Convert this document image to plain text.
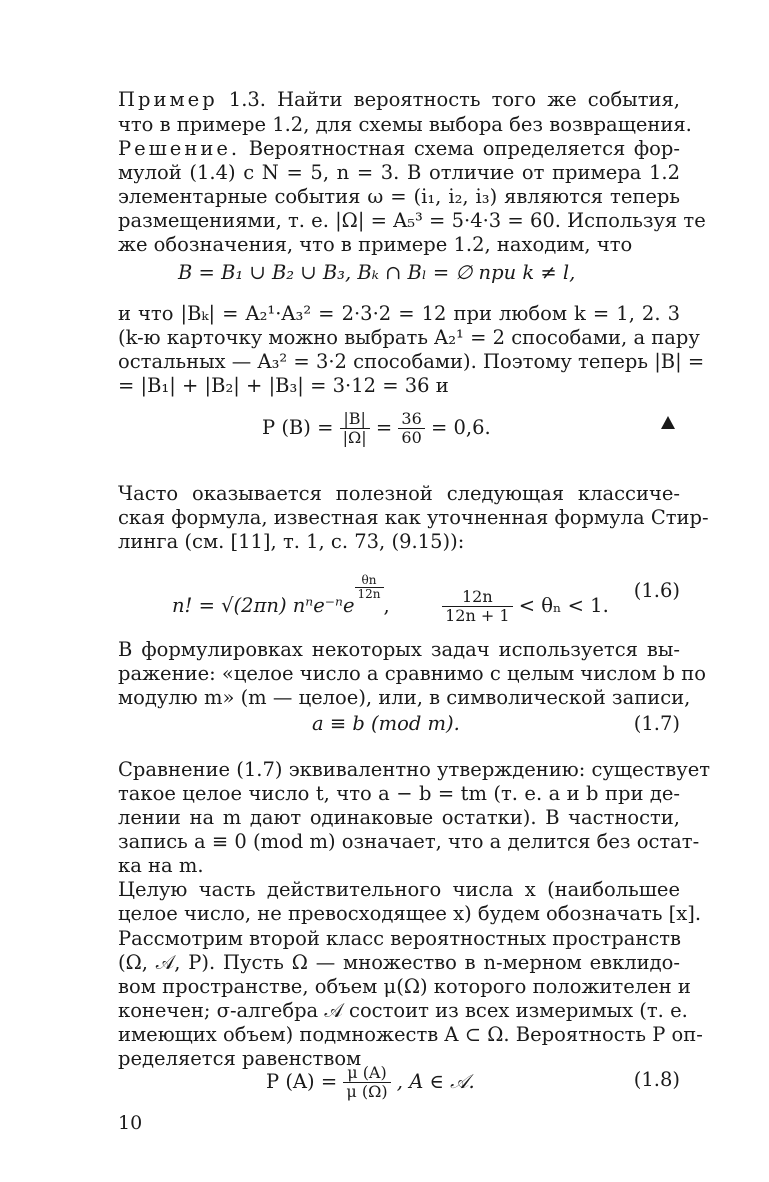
Пример 1.3. Найти вероятность того же события,
что в примере 1.2, для схемы выбора без возвращения.
Решение. Вероятностная схема определяется фор-
мулой (1.4) с N = 5, n = 3. В отличие от примера 1.2
элементарные события ω = (i₁, i₂, i₃) являются теперь
размещениями, т. е. |Ω| = A₅³ = 5·4·3 = 60. Используя те
же обозначения, что в примере 1.2, находим, что
B = B₁ ∪ B₂ ∪ B₃, Bₖ ∩ Bₗ = ∅ при k ≠ l,
и что |Bₖ| = A₂¹·A₃² = 2·3·2 = 12 при любом k = 1, 2. 3
(k-ю карточку можно выбрать A₂¹ = 2 способами, а пару
остальных — A₃² = 3·2 способами). Поэтому теперь |B| =
= |B₁| + |B₂| + |B₃| = 3·12 = 36 и
P $(B) = \frac{|B|}{|\Omega|} = \frac{36}{60} = 0,6$.
Часто оказывается полезной следующая классиче-
ская формула, известная как уточненная формула Стир-
линга (см. [11], т. 1, с. 73, (9.15)):
n! = √(2πn) nⁿe⁻ⁿe
$\frac{\theta n}{12n}$
,	$\frac{12n}{12n + 1} < \theta_n < 1$.
(1.6)
В формулировках некоторых задач используется вы-
ражение: «целое число a сравнимо с целым числом b по
модулю m» (m — целое), или, в символической записи,
a ≡ b (mod m).	(1.7)
Сравнение (1.7) эквивалентно утверждению: существует
такое целое число t, что a − b = tm (т. е. a и b при де-
лении на m дают одинаковые остатки). В частности,
запись a ≡ 0 (mod m) означает, что a делится без остат-
ка на m.
Целую часть действительного числа x (наибольшее
целое число, не превосходящее x) будем обозначать [x].
Рассмотрим второй класс вероятностных пространств
(Ω, 𝒜, P). Пусть Ω — множество в n-мерном евклидо-
вом пространстве, объем μ(Ω) которого положителен и
конечен; σ-алгебра 𝒜 состоит из всех измеримых (т. е.
имеющих объем) подмножеств A ⊂ Ω. Вероятность P оп-
ределяется равенством
P $(A) = \frac{\mu (A)}{\mu (\Omega)}$ , A ∈ 𝒜.	(1.8)
10
